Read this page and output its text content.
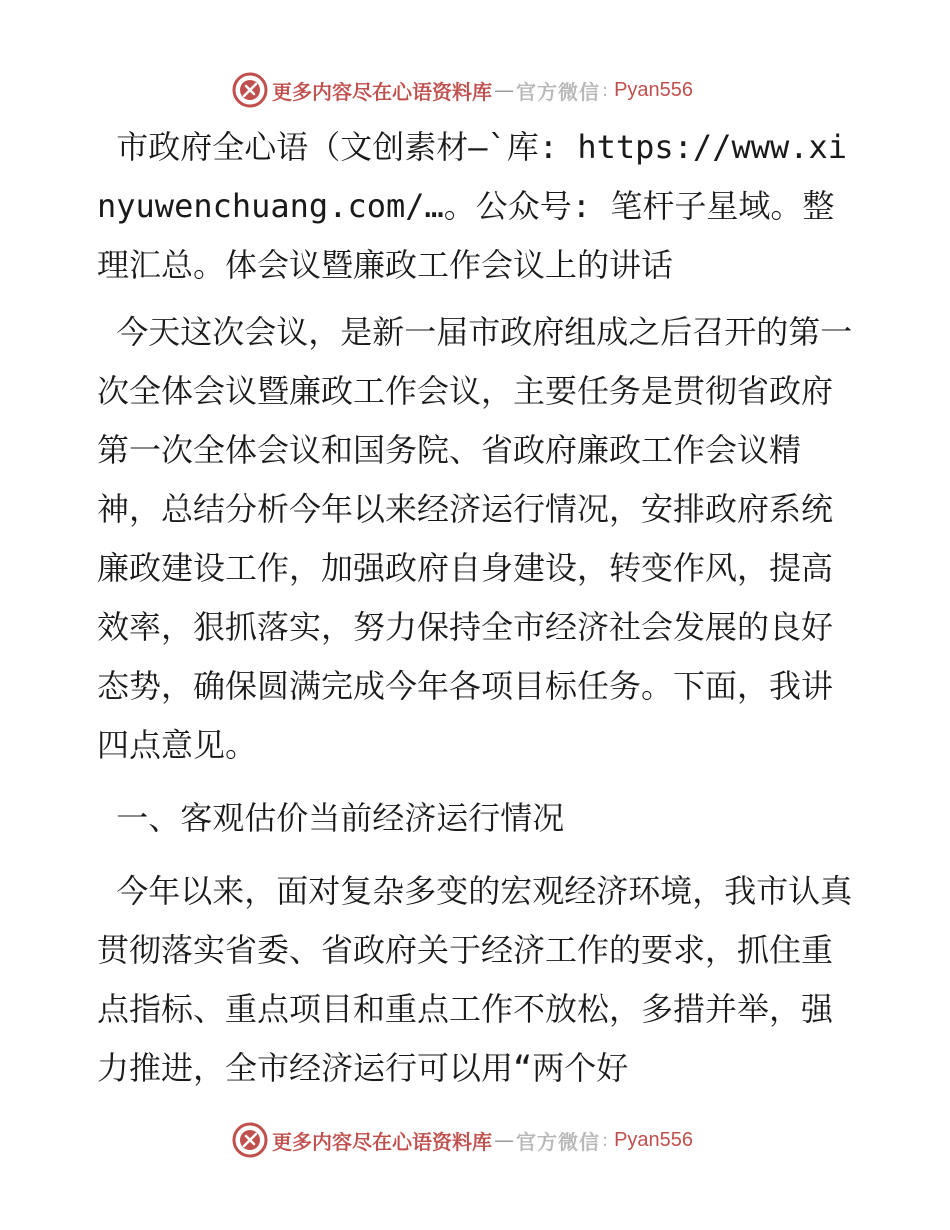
更多内容尽在心语资料库 — 官方微信 : Pyan556

市政府全心语（文创素材—`库: https://www.xinyuwenchuang.com/…。公众号: 笔杆子星域。整理汇总。体会议暨廉政工作会议上的讲话

今天这次会议，是新一届市政府组成之后召开的第一次全体会议暨廉政工作会议，主要任务是贯彻省政府第一次全体会议和国务院、省政府廉政工作会议精神，总结分析今年以来经济运行情况，安排政府系统廉政建设工作，加强政府自身建设，转变作风，提高效率，狠抓落实，努力保持全市经济社会发展的良好态势，确保圆满完成今年各项目标任务。下面，我讲四点意见。

一、客观估价当前经济运行情况

今年以来，面对复杂多变的宏观经济环境，我市认真贯彻落实省委、省政府关于经济工作的要求，抓住重点指标、重点项目和重点工作不放松，多措并举，强力推进，全市经济运行可以用“两个好

更多内容尽在心语资料库 — 官方微信 : Pyan556
